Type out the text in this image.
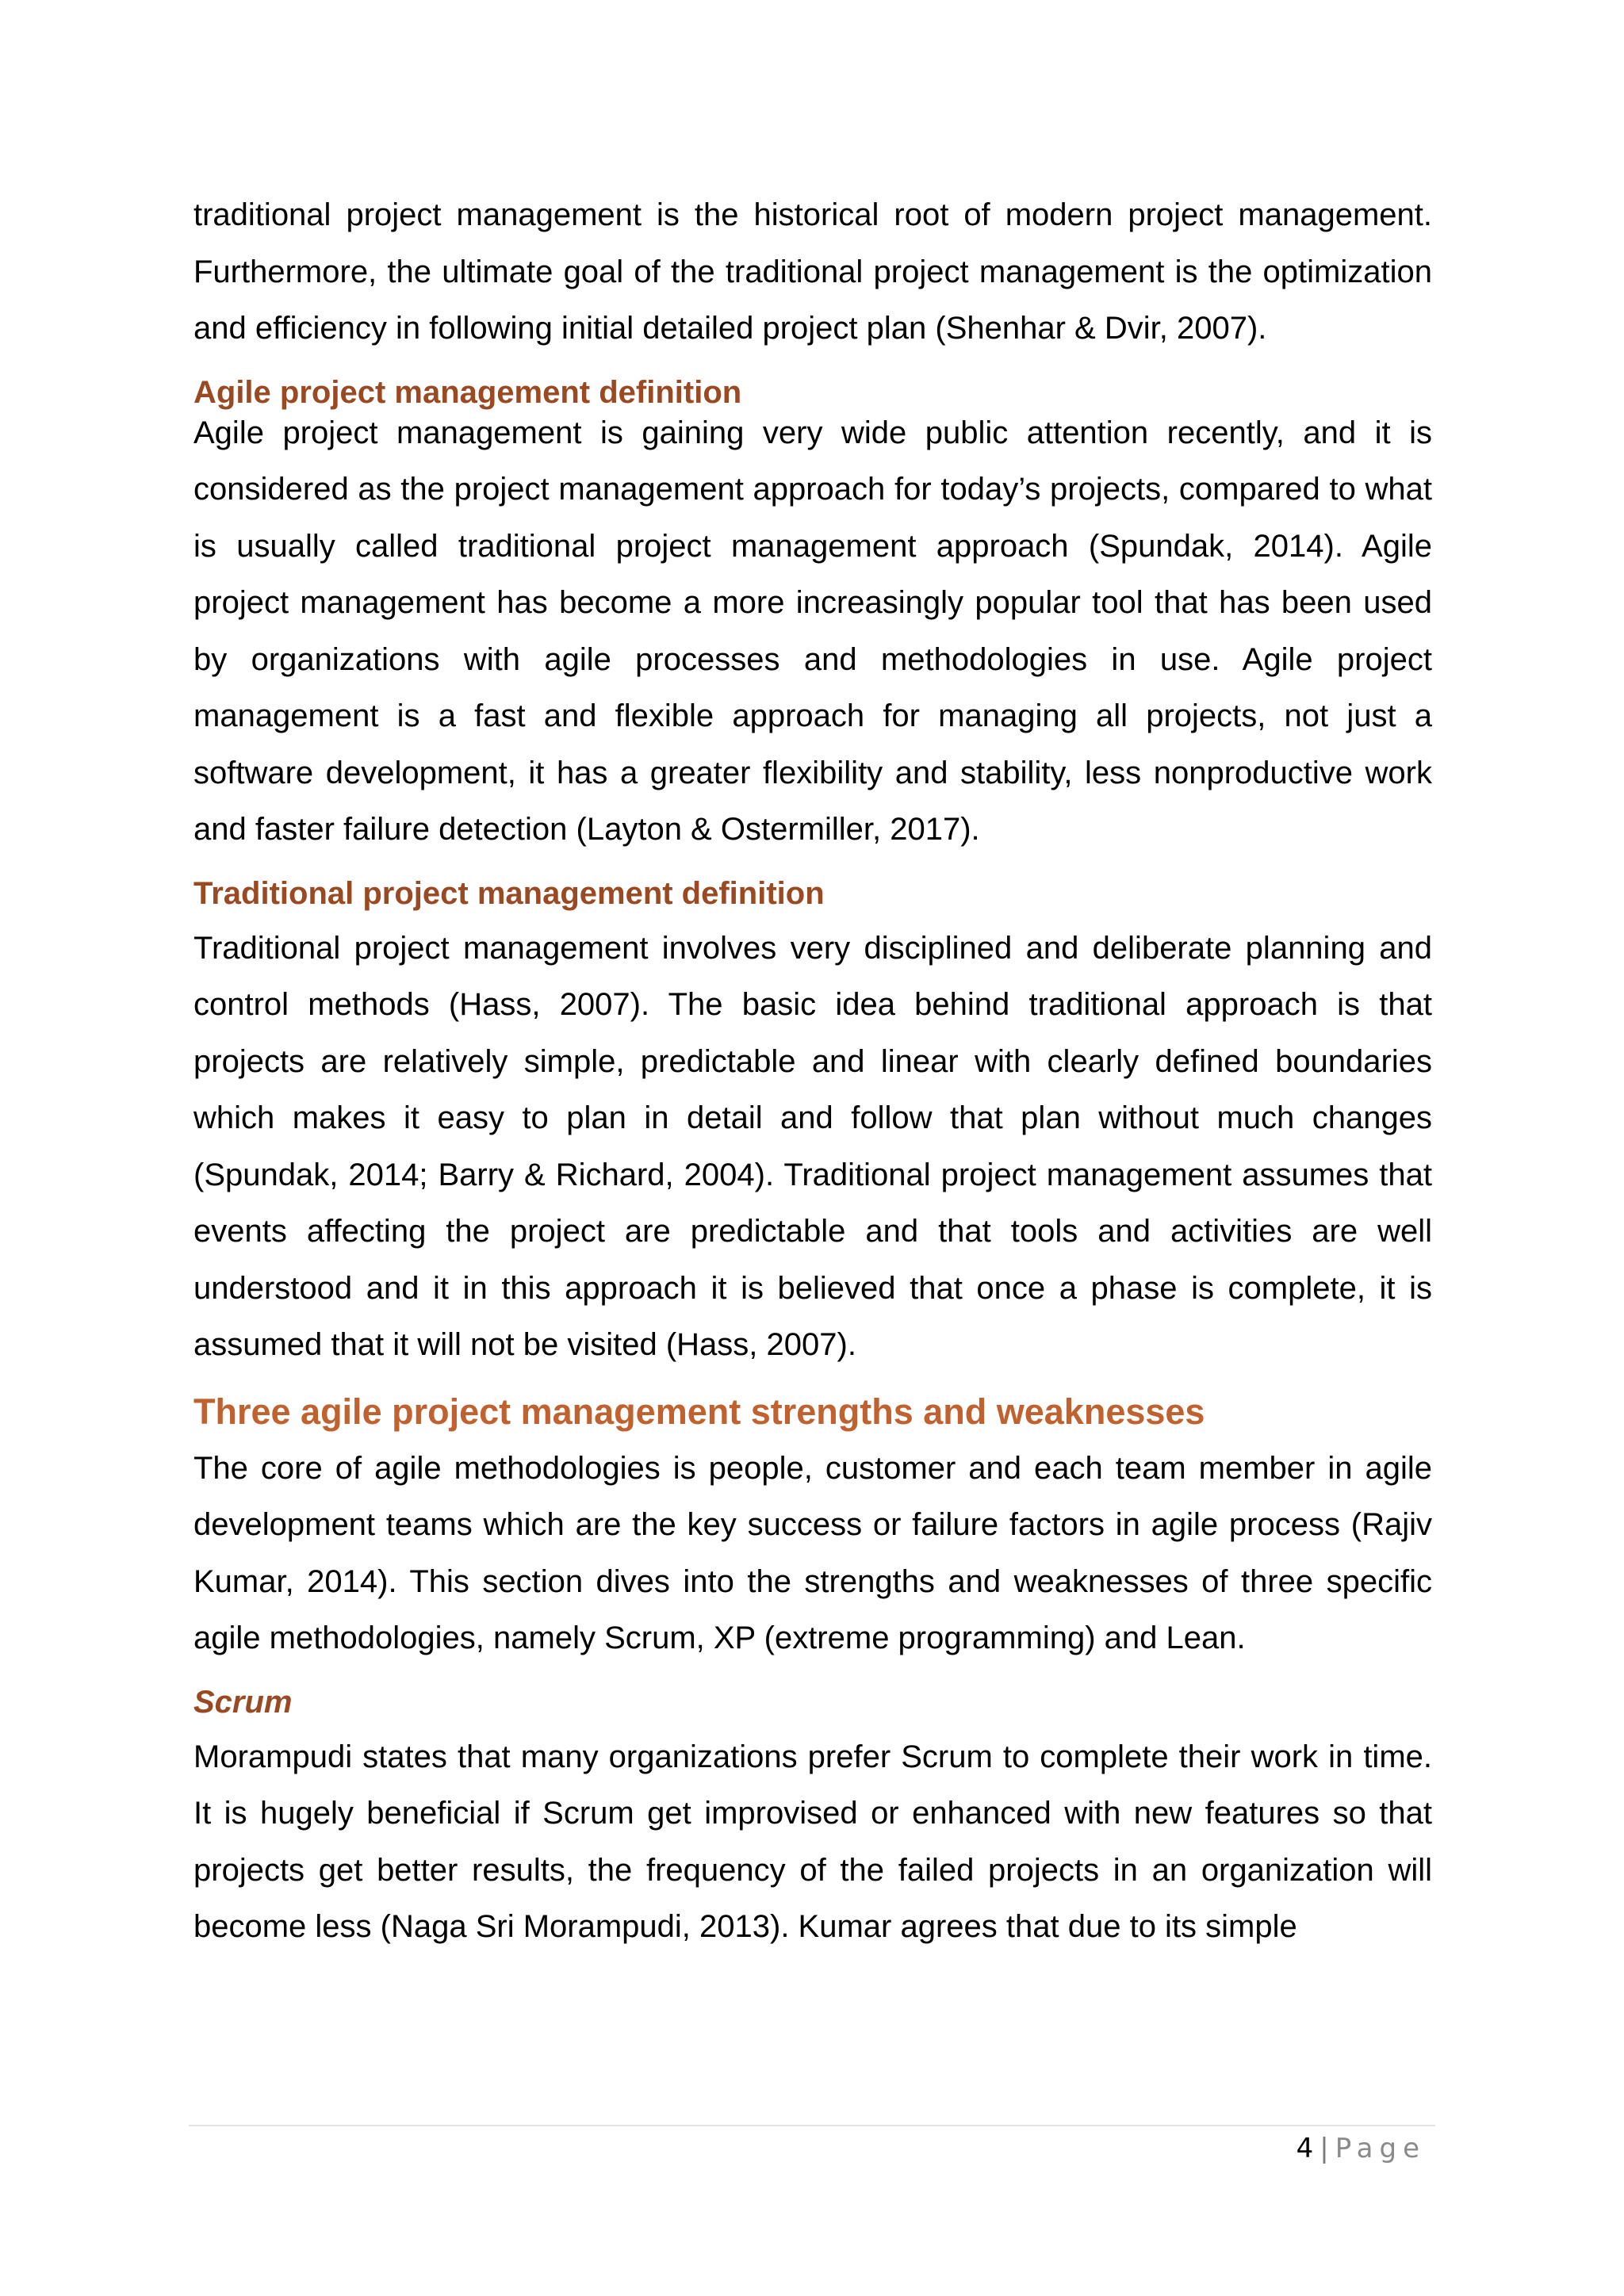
traditional project management is the historical root of modern project management. Furthermore, the ultimate goal of the traditional project management is the optimization and efficiency in following initial detailed project plan (Shenhar & Dvir, 2007).

Agile project management definition

Agile project management is gaining very wide public attention recently, and it is considered as the project management approach for today’s projects, compared to what is usually called traditional project management approach (Spundak, 2014). Agile project management has become a more increasingly popular tool that has been used by organizations with agile processes and methodologies in use. Agile project management is a fast and flexible approach for managing all projects, not just a software development, it has a greater flexibility and stability, less nonproductive work and faster failure detection (Layton & Ostermiller, 2017).

Traditional project management definition

Traditional project management involves very disciplined and deliberate planning and control methods (Hass, 2007). The basic idea behind traditional approach is that projects are relatively simple, predictable and linear with clearly defined boundaries which makes it easy to plan in detail and follow that plan without much changes (Spundak, 2014; Barry & Richard, 2004). Traditional project management assumes that events affecting the project are predictable and that tools and activities are well understood and it in this approach it is believed that once a phase is complete, it is assumed that it will not be visited (Hass, 2007).

Three agile project management strengths and weaknesses

The core of agile methodologies is people, customer and each team member in agile development teams which are the key success or failure factors in agile process (Rajiv Kumar, 2014). This section dives into the strengths and weaknesses of three specific agile methodologies, namely Scrum, XP (extreme programming) and Lean.

Scrum

Morampudi states that many organizations prefer Scrum to complete their work in time. It is hugely beneficial if Scrum get improvised or enhanced with new features so that projects get better results, the frequency of the failed projects in an organization will become less (Naga Sri Morampudi, 2013). Kumar agrees that due to its simple

4 | Page
